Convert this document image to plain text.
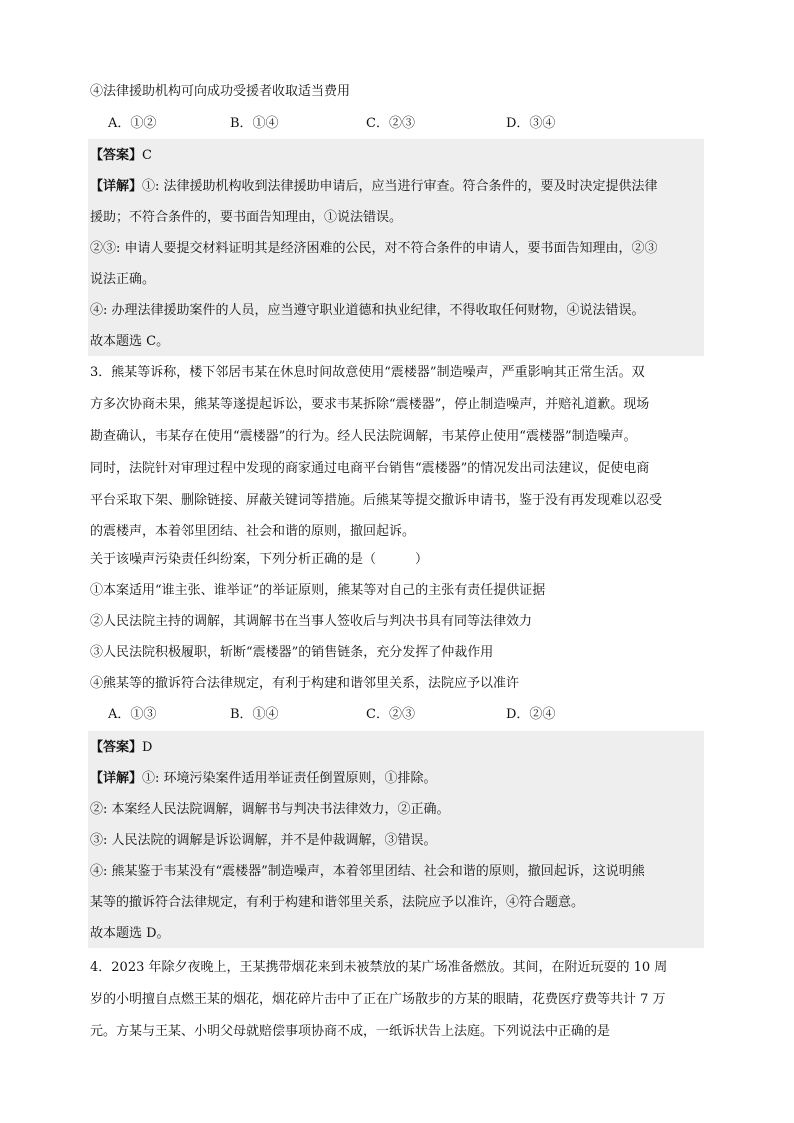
④法律援助机构可向成功受援者收取适当费用
A．①②	B．①④	C．②③	D．③④
【答案】C
【详解】①: 法律援助机构收到法律援助申请后，应当进行审查。符合条件的，要及时决定提供法律
援助；不符合条件的，要书面告知理由，①说法错误。
②③: 申请人要提交材料证明其是经济困难的公民，对不符合条件的申请人，要书面告知理由，②③
说法正确。
④: 办理法律援助案件的人员，应当遵守职业道德和执业纪律，不得收取任何财物，④说法错误。
故本题选 C。
3．熊某等诉称，楼下邻居韦某在休息时间故意使用“震楼器”制造噪声，严重影响其正常生活。双
方多次协商未果，熊某等遂提起诉讼，要求韦某拆除“震楼器”，停止制造噪声，并赔礼道歉。现场
勘查确认，韦某存在使用“震楼器”的行为。经人民法院调解，韦某停止使用“震楼器”制造噪声。
同时，法院针对审理过程中发现的商家通过电商平台销售“震楼器”的情况发出司法建议，促使电商
平台采取下架、删除链接、屏蔽关键词等措施。后熊某等提交撤诉申请书，鉴于没有再发现难以忍受
的震楼声，本着邻里团结、社会和谐的原则，撤回起诉。
关于该噪声污染责任纠纷案，下列分析正确的是（　　　）
①本案适用“谁主张、谁举证”的举证原则，熊某等对自己的主张有责任提供证据
②人民法院主持的调解，其调解书在当事人签收后与判决书具有同等法律效力
③人民法院积极履职，斩断“震楼器”的销售链条，充分发挥了仲裁作用
④熊某等的撤诉符合法律规定，有利于构建和谐邻里关系，法院应予以准许
A．①③	B．①④	C．②③	D．②④
【答案】D
【详解】①: 环境污染案件适用举证责任倒置原则，①排除。
②: 本案经人民法院调解，调解书与判决书法律效力，②正确。
③: 人民法院的调解是诉讼调解，并不是仲裁调解，③错误。
④: 熊某鉴于韦某没有“震楼器”制造噪声，本着邻里团结、社会和谐的原则，撤回起诉，这说明熊
某等的撤诉符合法律规定，有利于构建和谐邻里关系，法院应予以准许，④符合题意。
故本题选 D。
4．2023 年除夕夜晚上，王某携带烟花来到未被禁放的某广场准备燃放。其间，在附近玩耍的 10 周
岁的小明擅自点燃王某的烟花，烟花碎片击中了正在广场散步的方某的眼睛，花费医疗费等共计 7 万
元。方某与王某、小明父母就赔偿事项协商不成，一纸诉状告上法庭。下列说法中正确的是
